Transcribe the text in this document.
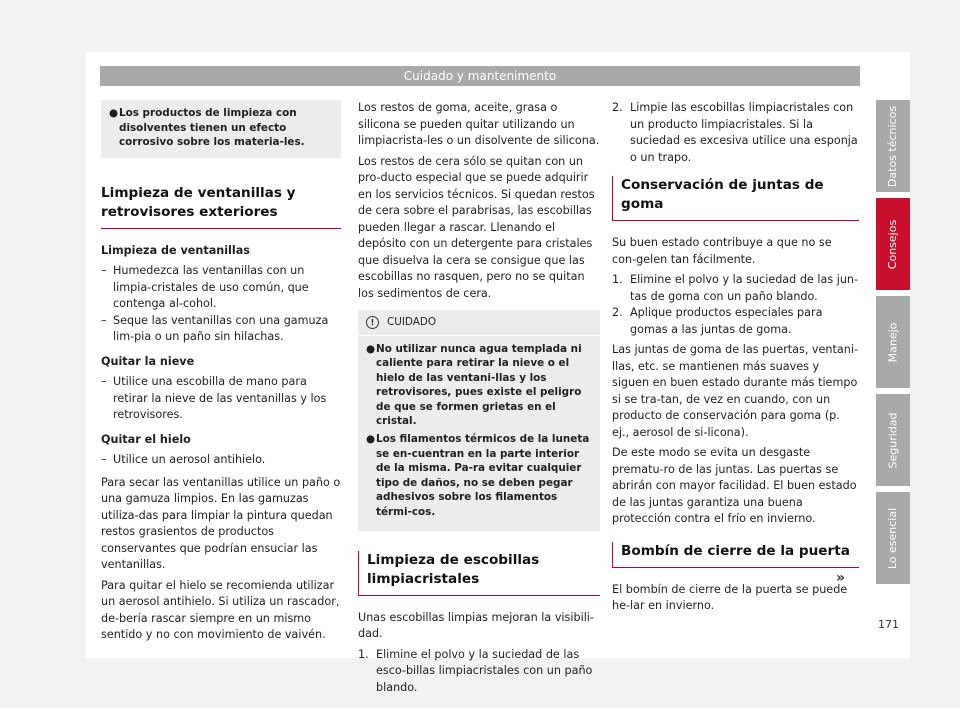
Cuidado y mantenimento
● Los productos de limpieza con disolventes tienen un efecto corrosivo sobre los materia-les.
Limpieza de ventanillas y retrovisores exteriores

Limpieza de ventanillas

– Humedezca las ventanillas con un limpia-cristales de uso común, que contenga al-cohol.
– Seque las ventanillas con una gamuza lim-pia o un paño sin hilachas.

Quitar la nieve

– Utilice una escobilla de mano para retirar la nieve de las ventanillas y los retrovisores.

Quitar el hielo

– Utilice un aerosol antihielo.

Para secar las ventanillas utilice un paño o una gamuza limpios. En las gamuzas utiliza-das para limpiar la pintura quedan restos grasientos de productos conservantes que podrían ensuciar las ventanillas.

Para quitar el hielo se recomienda utilizar un aerosol antihielo. Si utiliza un rascador, de-bería rascar siempre en un mismo sentido y no con movimiento de vaivén.

Los restos de goma, aceite, grasa o silicona se pueden quitar utilizando un limpiacrista-les o un disolvente de silicona.

Los restos de cera sólo se quitan con un pro-ducto especial que se puede adquirir en los servicios técnicos. Si quedan restos de cera sobre el parabrisas, las escobillas pueden llegar a rascar. Llenando el depósito con un detergente para cristales que disuelva la cera se consigue que las escobillas no rasquen, pero no se quitan los sedimentos de cera.

!	CUIDADO
● No utilizar nunca agua templada ni caliente para retirar la nieve o el hielo de las ventani-llas y los retrovisores, pues existe el peligro de que se formen grietas en el cristal.
● Los filamentos térmicos de la luneta se en-cuentran en la parte interior de la misma. Pa-ra evitar cualquier tipo de daños, no se deben pegar adhesivos sobre los filamentos térmi-cos.
Limpieza de escobillas limpiacristales

Unas escobillas limpias mejoran la visibili-dad.

1. Elimine el polvo y la suciedad de las esco-billas limpiacristales con un paño blando.
2. Limpie las escobillas limpiacristales con un producto limpiacristales. Si la suciedad es excesiva utilice una esponja o un trapo.
Conservación de juntas de goma

Su buen estado contribuye a que no se con-gelen tan fácilmente.

1. Elimine el polvo y la suciedad de las jun-tas de goma con un paño blando.
2. Aplique productos especiales para gomas a las juntas de goma.

Las juntas de goma de las puertas, ventani-llas, etc. se mantienen más suaves y siguen en buen estado durante más tiempo si se tra-tan, de vez en cuando, con un producto de conservación para goma (p. ej., aerosol de si-licona).

De este modo se evita un desgaste prematu-ro de las juntas. Las puertas se abrirán con mayor facilidad. El buen estado de las juntas garantiza una buena protección contra el frío en invierno.

Bombín de cierre de la puerta

El bombín de cierre de la puerta se puede he-lar en invierno.

Datos técnicos
Consejos
Manejo
Seguridad
Lo esencial
»
171
